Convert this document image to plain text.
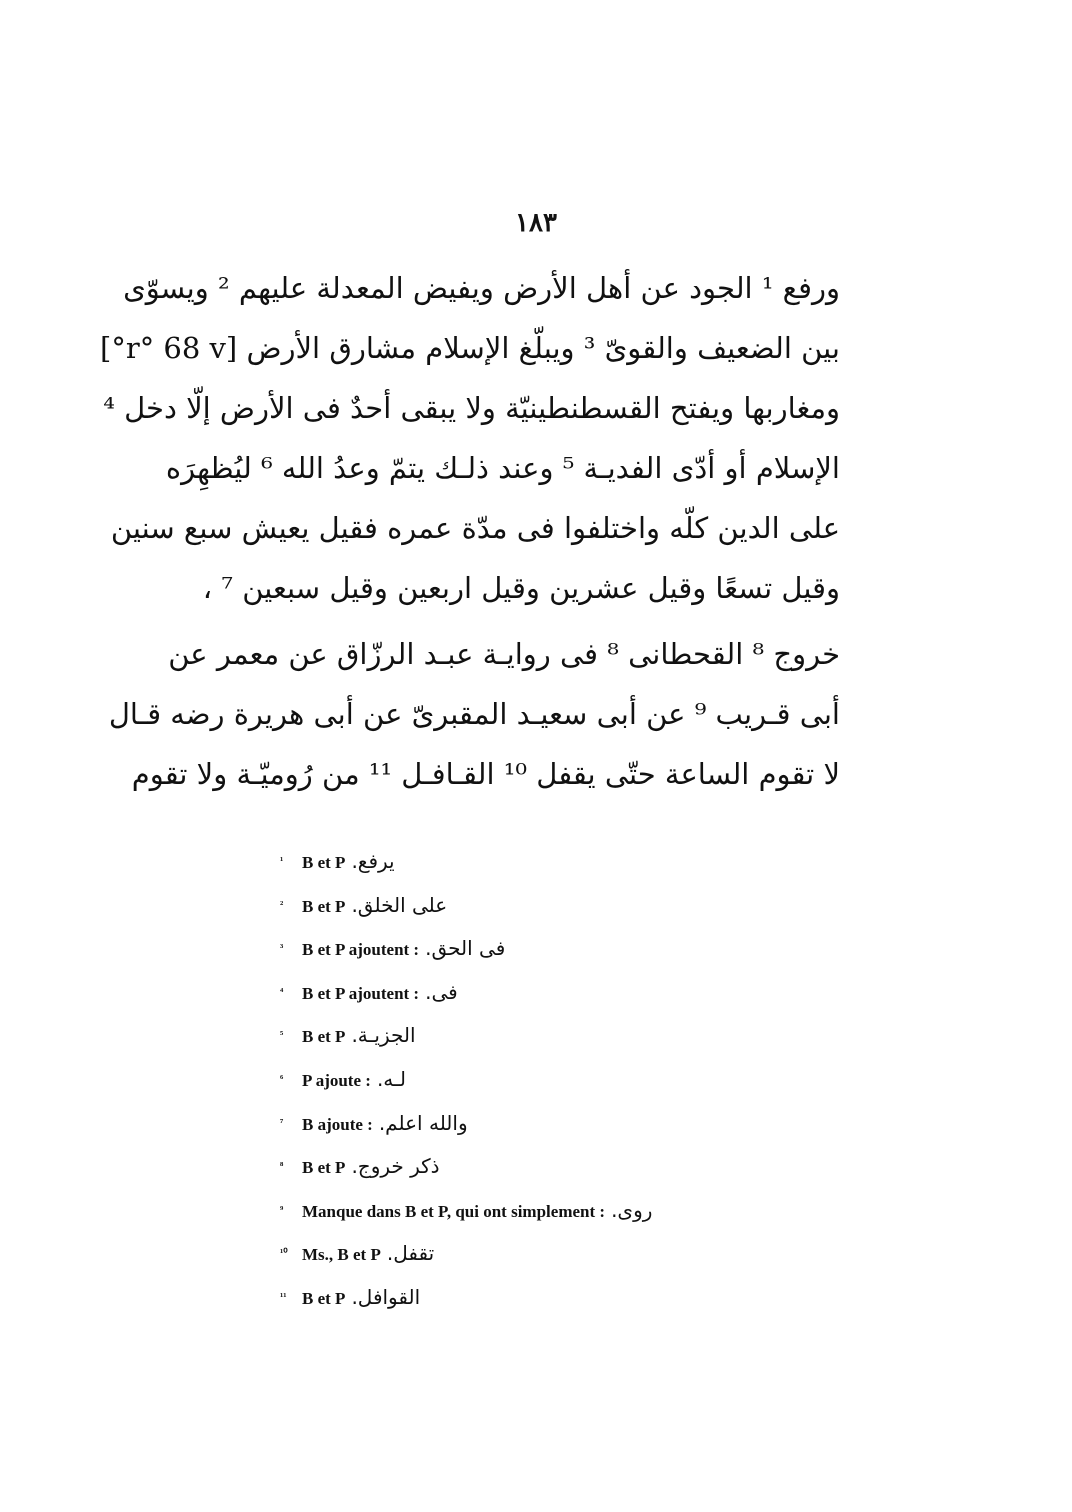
١٨٣
ورفع ¹ الجود عن أهل الأرض ويفيض المعدلة عليهم ² ويسوّى
بين الضعيف والقوىّ ³ ويبلّغ الإسلام مشارق الأرض [r° 68 v°]
ومغاربها ويفتح القسطنطينيّة ولا يبقى أحدٌ فى الأرض إلّا دخل ⁴
الإسلام أو أدّى الفديـة ⁵ وعند ذلـك يتمّ وعدُ الله ⁶ ليُظهِرَه
على الدين كلّه واختلفوا فى مدّة عمره فقيل يعيش سبع سنين
وقيل تسعًا وقيل عشرين وقيل اربعين وقيل سبعين ⁷ ،
خروج ⁸ القحطانى ⁸ فى روايـة عبـد الرزّاق عن معمر عن
أبى قـريب ⁹ عن أبى سعيـد المقبرىّ عن أبى هريرة رضه قـال
لا تقوم الساعة حتّى يقفل ¹⁰ القـافـل ¹¹ من رُوميّـة ولا تقوم
¹ B et P يرفع.
² B et P على الخلق.
³ B et P ajoutent : فى الحق.
⁴ B et P ajoutent : فى.
⁵ B et P الجزيـة.
⁶ P ajoute : لـه.
⁷ B ajoute : والله اعلم.
⁸ B et P ذكر خروج.
⁹ Manque dans B et P, qui ont simplement : روى.
¹⁰ Ms., B et P تقفل.
¹¹ B et P القوافل.
